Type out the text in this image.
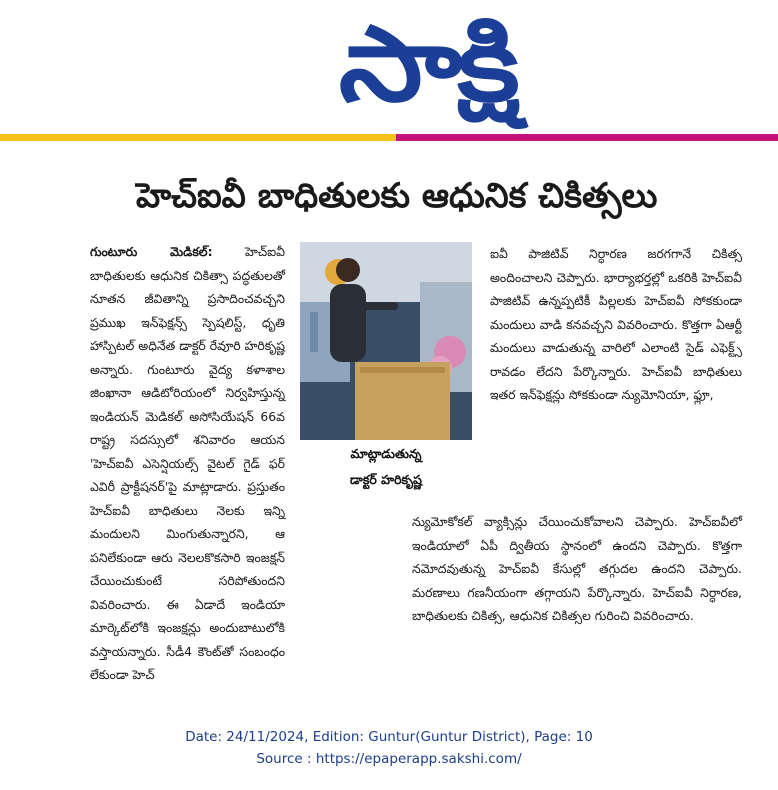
సాక్షి
హెచ్‌ఐవీ బాధితులకు ఆధునిక చికిత్సలు

గుంటూరు మెడికల్:	హెచ్‌ఐవీ బాధితులకు ఆధునిక చికిత్సా పద్ధతులతో నూతన జీవితాన్ని ప్రసాదించవచ్చని ప్రముఖ ఇన్‌ఫెక్షన్స్ స్పెషలిస్ట్, ధృతి హాస్పిటల్ అధినేత డాక్టర్ రేవూరి హరికృష్ణ అన్నారు. గుంటూరు వైద్య కళాశాల జింఖానా ఆడిటోరియంలో నిర్వహిస్తున్న ఇండియన్ మెడికల్ అసోసియేషన్ 66వ రాష్ట్ర సదస్సులో శనివారం ఆయన 'హెచ్‌ఐవీ ఎసెన్షియల్స్ వైటల్ గైడ్ ఫర్ ఎవిరీ ప్రాక్టీషనర్'పై మాట్లాడారు. ప్రస్తుతం హెచ్‌ఐవీ బాధితులు నెలకు ఇన్ని మందులని మింగుతున్నారని, ఆ పనిలేకుండా ఆరు నెలలకొకసారి ఇంజక్షన్ చేయించుకుంటే సరిపోతుందని వివరించారు. ఈ ఏడాదే ఇండియా మార్కెట్‌లోకి ఇంజక్షన్లు అందుబాటులోకి వస్తాయన్నారు. సీడీ4 కౌంట్‌తో సంబంధం లేకుండా హెచ్

మాట్లాడుతున్న
డాక్టర్ హరికృష్ణ

ఐవీ పాజిటివ్ నిర్ధారణ జరగగానే చికిత్స అందించాలని చెప్పారు. భార్యాభర్తల్లో ఒకరికి హెచ్‌ఐవీ పాజిటివ్ ఉన్నప్పటికీ పిల్లలకు హెచ్‌ఐవీ సోకకుండా మందులు వాడి కనవచ్చని వివరించారు. కొత్తగా ఏఆర్టీ మందులు వాడుతున్న వారిలో ఎలాంటి సైడ్ ఎఫెక్ట్స్ రావడం లేదని పేర్కొన్నారు. హెచ్‌ఐవీ బాధితులు ఇతర ఇన్‌ఫెక్షన్లు సోకకుండా న్యుమోనియా, ఫ్లూ,

న్యుమోకోకల్ వ్యాక్సిన్లు చేయించుకోవాలని చెప్పారు. హెచ్‌ఐవీలో ఇండియాలో ఏపీ ద్వితీయ స్థానంలో ఉందని చెప్పారు. కొత్తగా నమోదవుతున్న హెచ్‌ఐవీ కేసుల్లో తగ్గుదల ఉందని చెప్పారు. మరణాలు గణనీయంగా తగ్గాయని పేర్కొన్నారు. హెచ్‌ఐవీ నిర్ధారణ, బాధితులకు చికిత్స, ఆధునిక చికిత్సల గురించి వివరించారు.

Date: 24/11/2024, Edition: Guntur(Guntur District), Page: 10
Source : https://epaperapp.sakshi.com/
